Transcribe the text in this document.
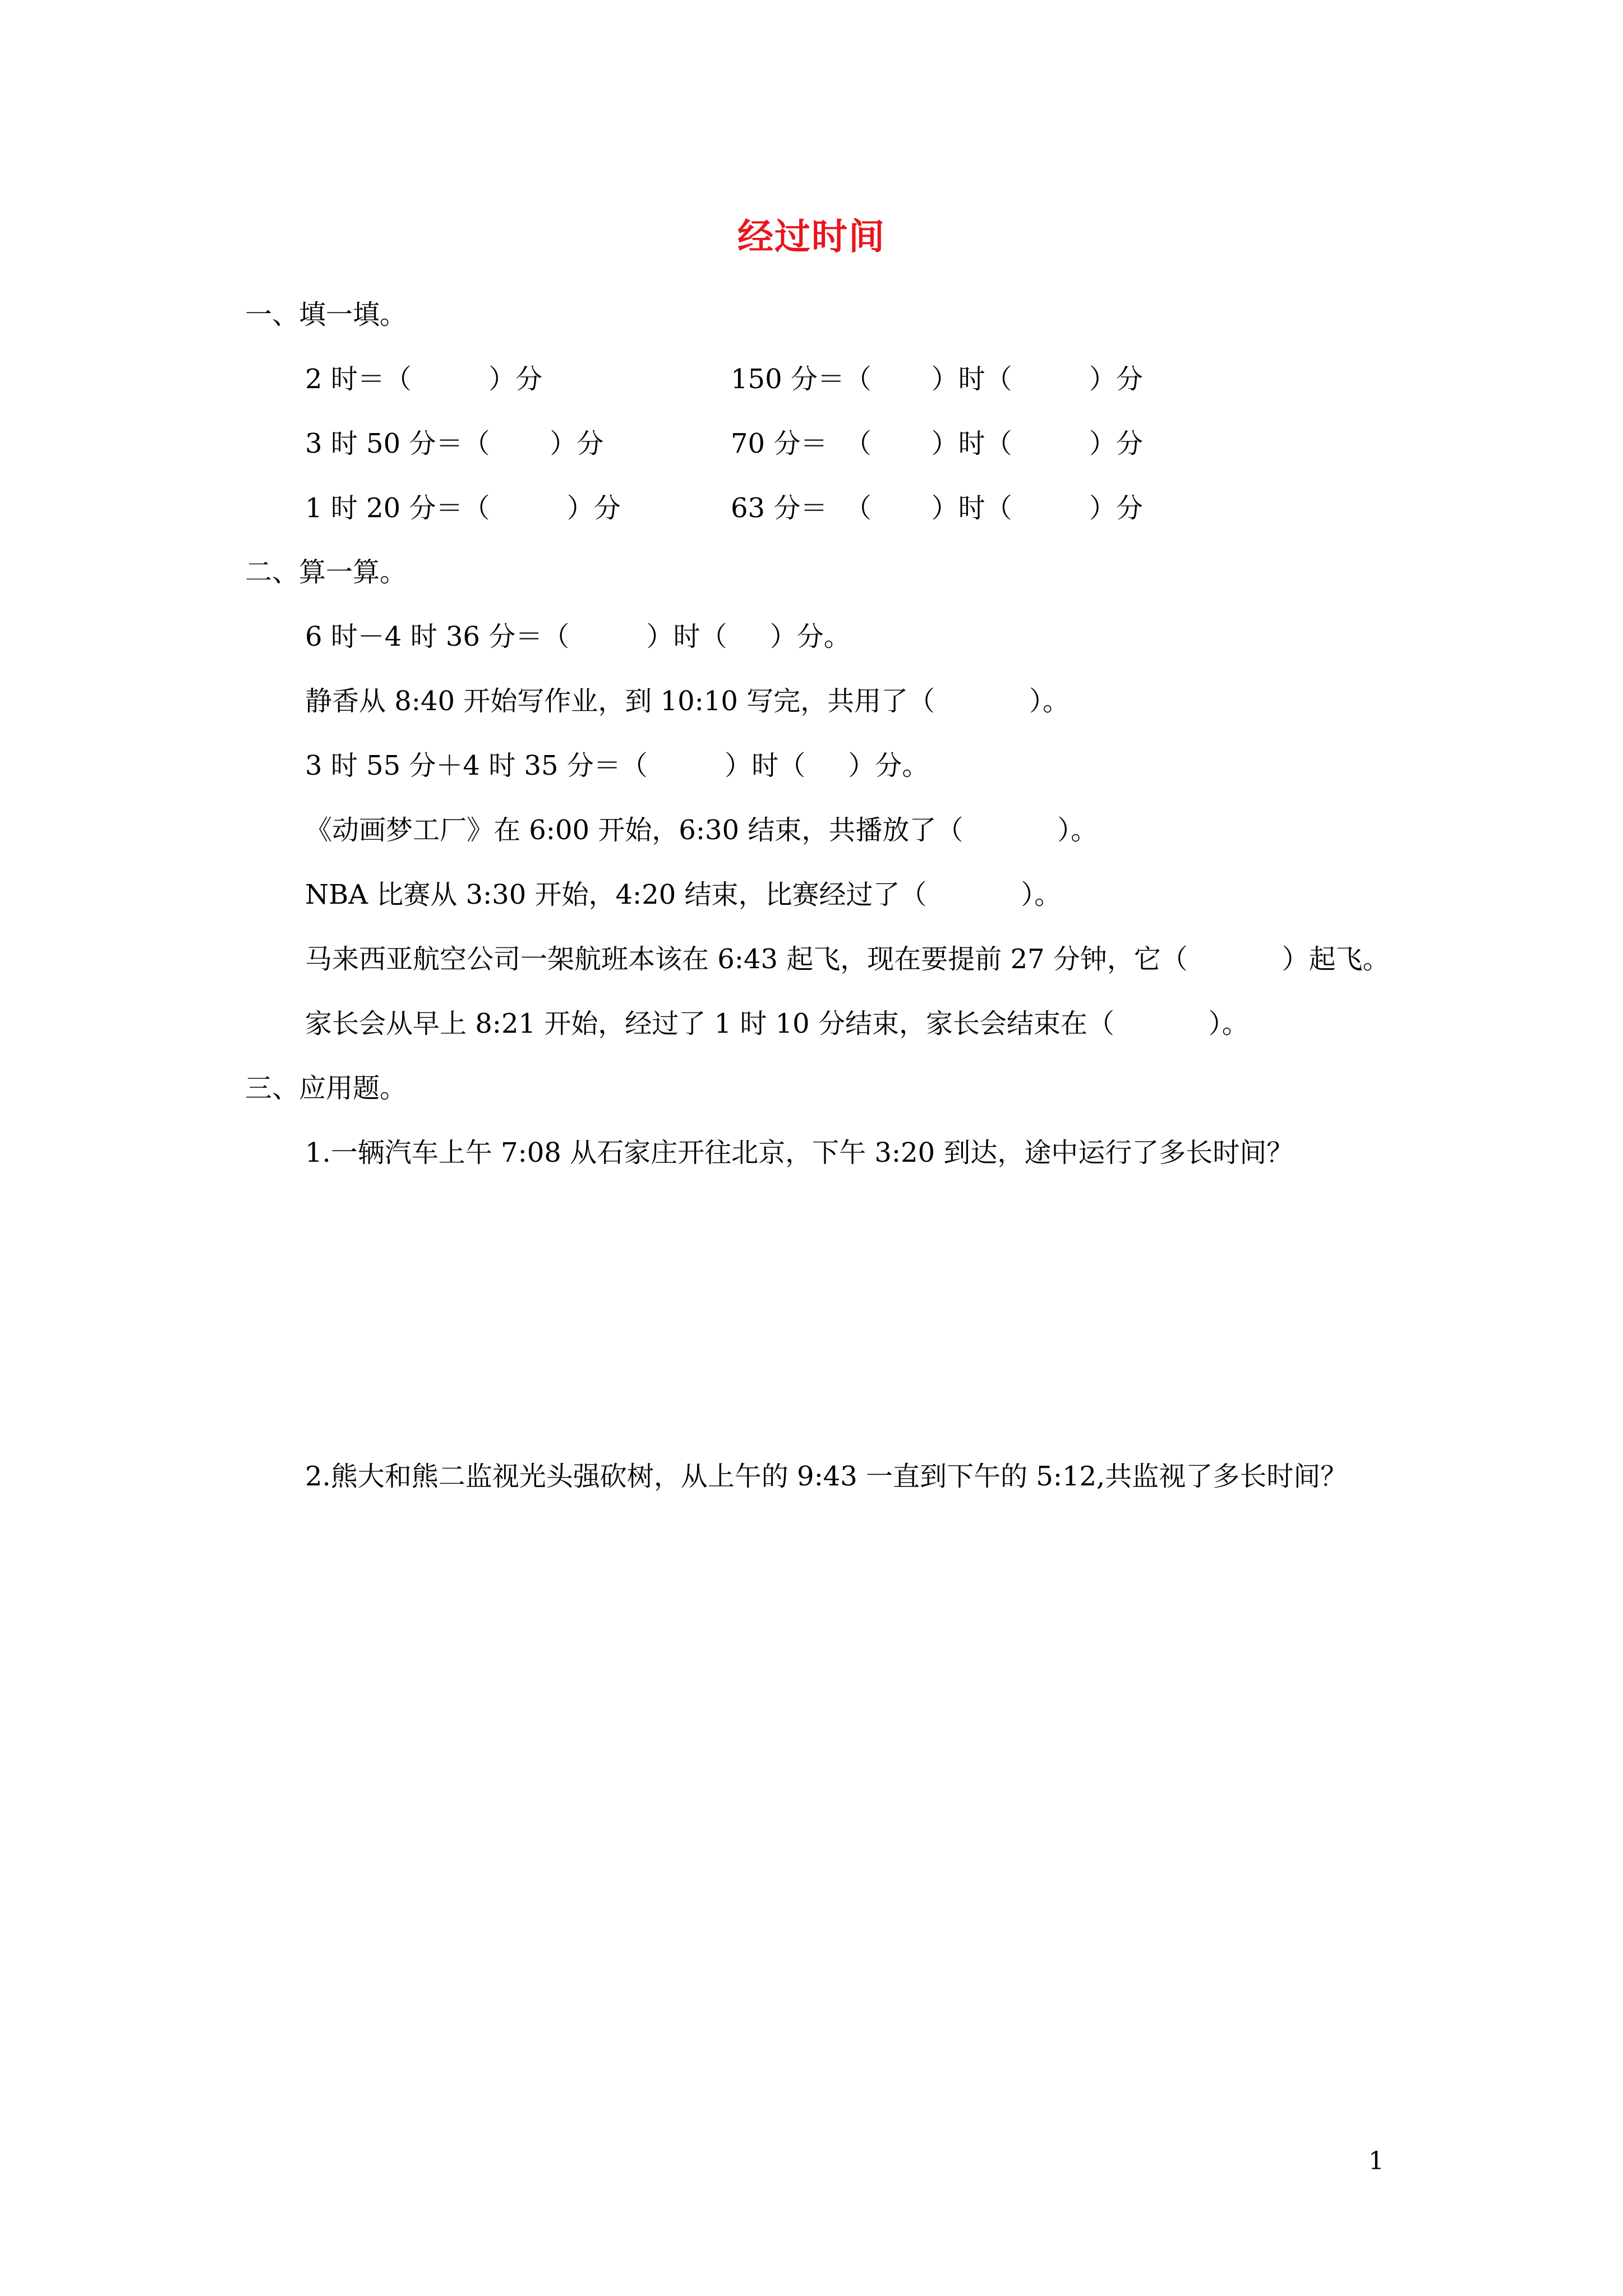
经过时间
一、填一填。
2 时＝（         ）分	150 分＝（       ）时（         ）分
3 时 50 分＝（       ）分	70 分＝  （       ）时（         ）分
1 时 20 分＝（         ）分	63 分＝  （       ）时（         ）分
二、算一算。
6 时－4 时 36 分＝（         ）时（     ）分。
静香从 8:40 开始写作业，到 10:10 写完，共用了（           ）。
3 时 55 分＋4 时 35 分＝（         ）时（     ）分。
《动画梦工厂》在 6:00 开始，6:30 结束，共播放了（           ）。
NBA 比赛从 3:30 开始，4:20 结束，比赛经过了（           ）。
马来西亚航空公司一架航班本该在 6:43 起飞，现在要提前 27 分钟，它（           ）起飞。
家长会从早上 8:21 开始，经过了 1 时 10 分结束，家长会结束在（           ）。
三、应用题。
1.一辆汽车上午 7:08 从石家庄开往北京，下午 3:20 到达，途中运行了多长时间？
2.熊大和熊二监视光头强砍树，从上午的 9:43 一直到下午的 5:12,共监视了多长时间？
1
